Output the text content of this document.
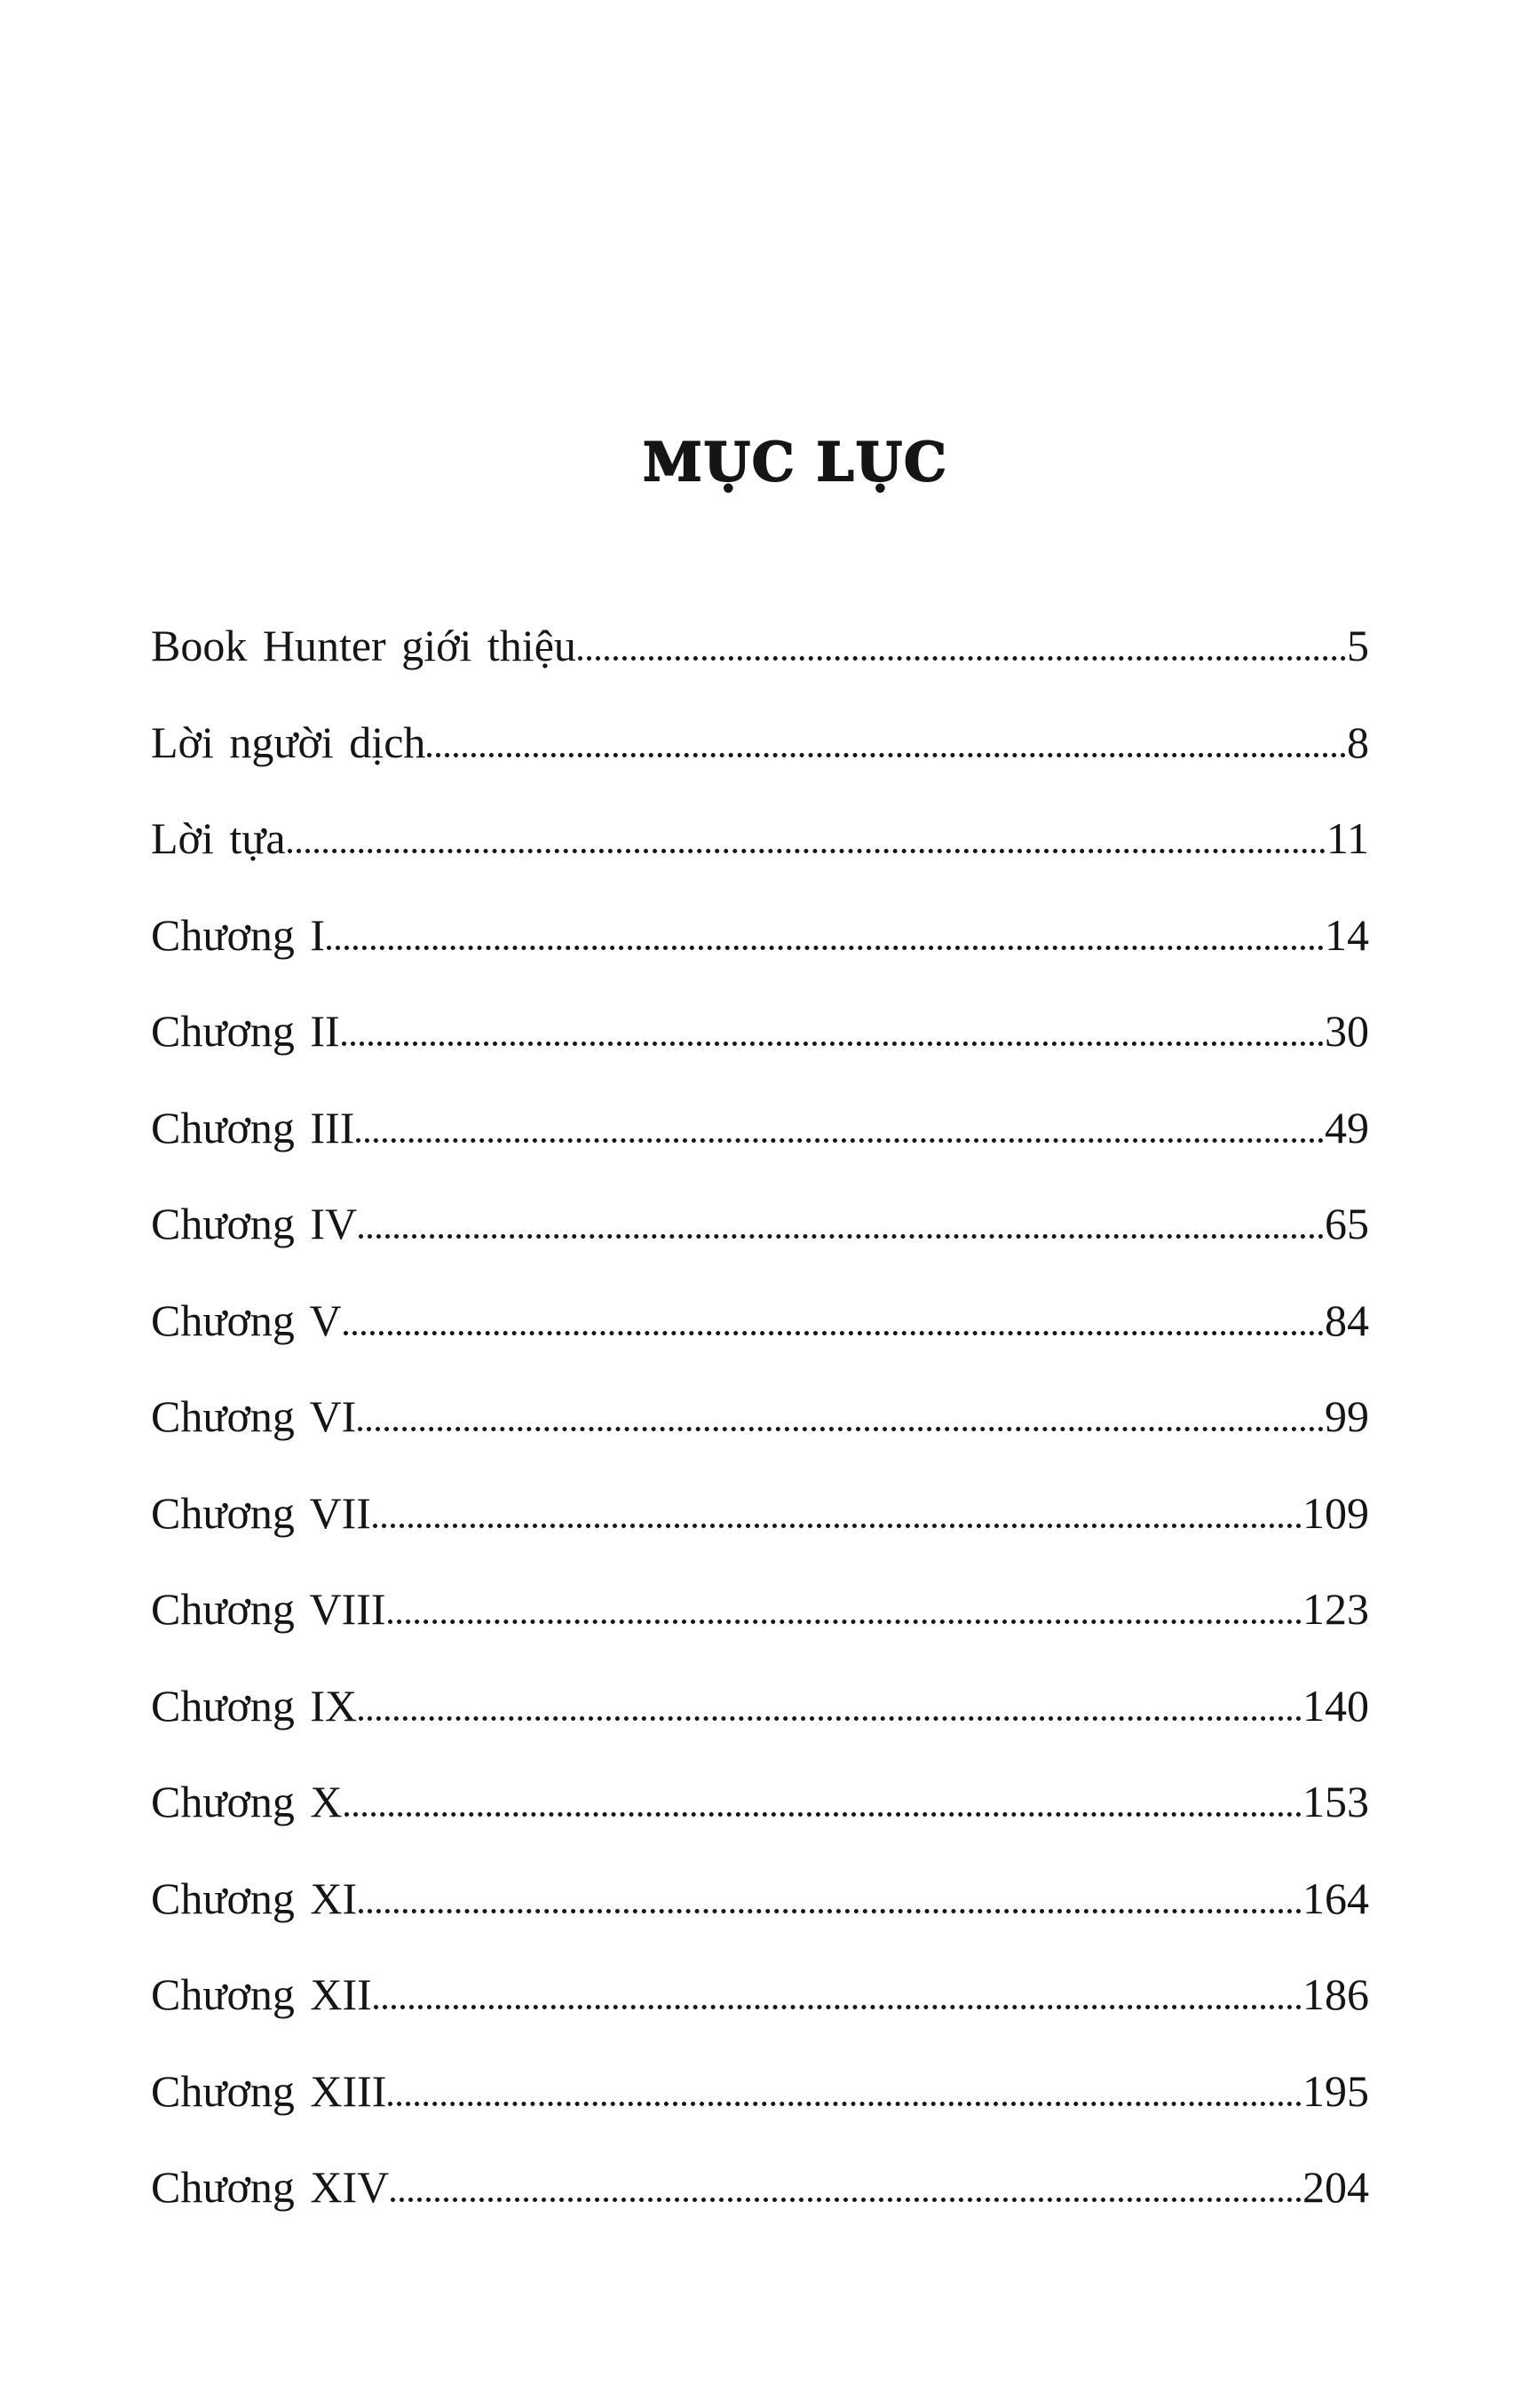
MỤC LỤC
Book Hunter giới thiệu	5
Lời người dịch	8
Lời tựa	11
Chương I	14
Chương II	30
Chương III	49
Chương IV	65
Chương V	84
Chương VI	99
Chương VII	109
Chương VIII	123
Chương IX	140
Chương X	153
Chương XI	164
Chương XII	186
Chương XIII	195
Chương XIV	204
